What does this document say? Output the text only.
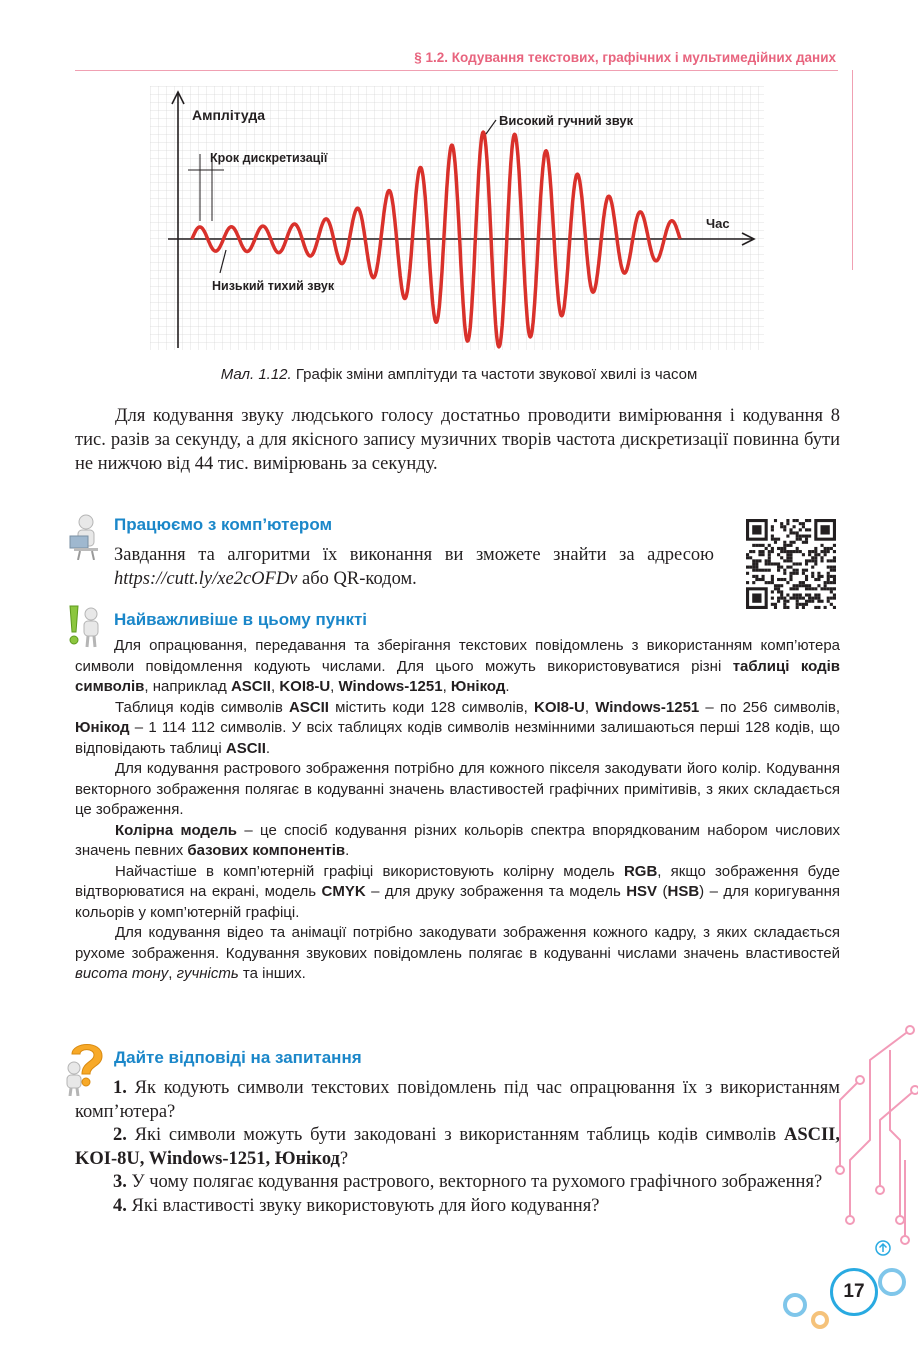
§ 1.2. Кодування текстових, графічних і мультимедійних даних
Амплітуда	Високий гучний звук
Крок дискретизації
Час
Низький тихий звук
Мал. 1.12. Графік зміни амплітуди та частоти звукової хвилі із часом
Для кодування звуку людського голосу достатньо проводити вимірювання і кодування 8 тис. разів за секунду, а для якісного запису музичних творів частота дискретизації повинна бути не нижчою від 44 тис. вимірювань за секунду.
Працюємо з комп’ютером
Завдання та алгоритми їх виконання ви зможете знайти за адресою https://cutt.ly/xe2cOFDv або QR-кодом.
Найважливіше в цьому пункті

Для опрацювання, передавання та зберігання текстових повідомлень з використанням комп’ютера символи повідомлення кодують числами. Для цього можуть використовуватися різні таблиці кодів символів, наприклад ASCII, KOI8-U, Windows-1251, Юнікод.

Таблиця кодів символів ASCII містить коди 128 символів, KOI8-U, Windows-1251 – по 256 символів, Юнікод – 1 114 112 символів. У всіх таблицях кодів символів незмінними залишаються перші 128 кодів, що відповідають таблиці ASCII.

Для кодування растрового зображення потрібно для кожного пікселя закодувати його колір. Кодування векторного зображення полягає в кодуванні значень властивостей графічних примітивів, з яких складається це зображення.

Колірна модель – це спосіб кодування різних кольорів спектра впорядкованим набором числових значень певних базових компонентів.

Найчастіше в комп’ютерній графіці використовують колірну модель RGB, якщо зображення буде відтворюватися на екрані, модель CMYK – для друку зображення та модель HSV (HSB) – для коригування кольорів у комп’ютерній графіці.

Для кодування відео та анімації потрібно закодувати зображення кожного кадру, з яких складається рухоме зображення. Кодування звукових повідомлень полягає в кодуванні числами значень властивостей висота тону, гучність та інших.

Дайте відповіді на запитання

1. Як кодують символи текстових повідомлень під час опрацювання їх з використанням комп’ютера?

2. Які символи можуть бути закодовані з використанням таблиць кодів символів ASCII, KOI-8U, Windows-1251, Юнікод?

3. У чому полягає кодування растрового, векторного та рухомого графічного зображення?

4. Які властивості звуку використовують для його кодування?

17
